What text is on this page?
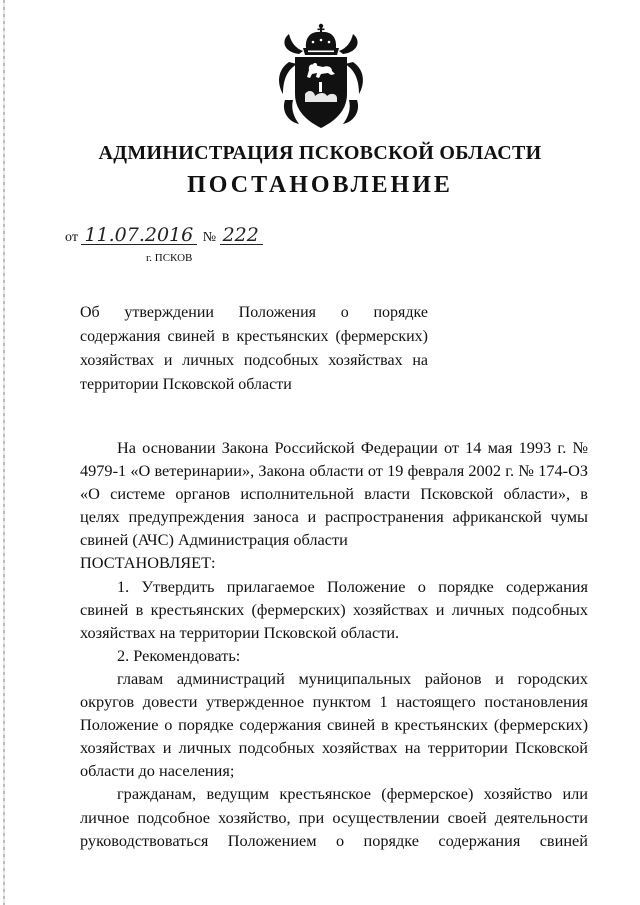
АДМИНИСТРАЦИЯ ПСКОВСКОЙ ОБЛАСТИ
ПОСТАНОВЛЕНИЕ
от 11.07.2016 № 222
г. ПСКОВ
Об утверждении Положения о порядке содержания свиней в крестьянских (фермерских) хозяйствах и личных подсобных хозяйствах на территории Псковской области

На основании Закона Российской Федерации от 14 мая 1993 г. № 4979-1 «О ветеринарии», Закона области от 19 февраля 2002 г. № 174-ОЗ «О системе органов исполнительной власти Псковской области», в целях предупреждения заноса и распространения африканской чумы свиней (АЧС) Администрация области

ПОСТАНОВЛЯЕТ:

1. Утвердить прилагаемое Положение о порядке содержания свиней в крестьянских (фермерских) хозяйствах и личных подсобных хозяйствах на территории Псковской области.

2. Рекомендовать:

главам администраций муниципальных районов и городских округов довести утвержденное пунктом 1 настоящего постановления Положение о порядке содержания свиней в крестьянских (фермерских) хозяйствах и личных подсобных хозяйствах на территории Псковской области до населения;

гражданам, ведущим крестьянское (фермерское) хозяйство или личное подсобное хозяйство, при осуществлении своей деятельности руководствоваться Положением о порядке содержания свиней
